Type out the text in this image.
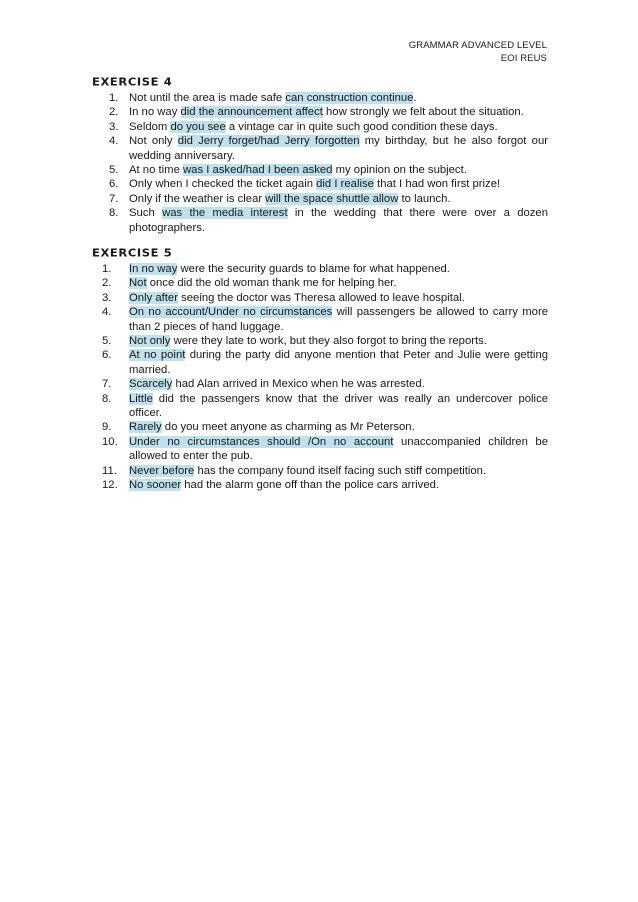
GRAMMAR ADVANCED LEVEL
EOI REUS
EXERCISE 4
1. Not until the area is made safe can construction continue.
2. In no way did the announcement affect how strongly we felt about the situation.
3. Seldom do you see a vintage car in quite such good condition these days.
4. Not only did Jerry forget/had Jerry forgotten my birthday, but he also forgot our wedding anniversary.
5. At no time was I asked/had I been asked my opinion on the subject.
6. Only when I checked the ticket again did I realise that I had won first prize!
7. Only if the weather is clear will the space shuttle allow to launch.
8. Such was the media interest in the wedding that there were over a dozen photographers.
EXERCISE 5
1. In no way were the security guards to blame for what happened.
2. Not once did the old woman thank me for helping her.
3. Only after seeing the doctor was Theresa allowed to leave hospital.
4. On no account/Under no circumstances will passengers be allowed to carry more than 2 pieces of hand luggage.
5. Not only were they late to work, but they also forgot to bring the reports.
6. At no point during the party did anyone mention that Peter and Julie were getting married.
7. Scarcely had Alan arrived in Mexico when he was arrested.
8. Little did the passengers know that the driver was really an undercover police officer.
9. Rarely do you meet anyone as charming as Mr Peterson.
10. Under no circumstances should /On no account unaccompanied children be allowed to enter the pub.
11. Never before has the company found itself facing such stiff competition.
12. No sooner had the alarm gone off than the police cars arrived.
